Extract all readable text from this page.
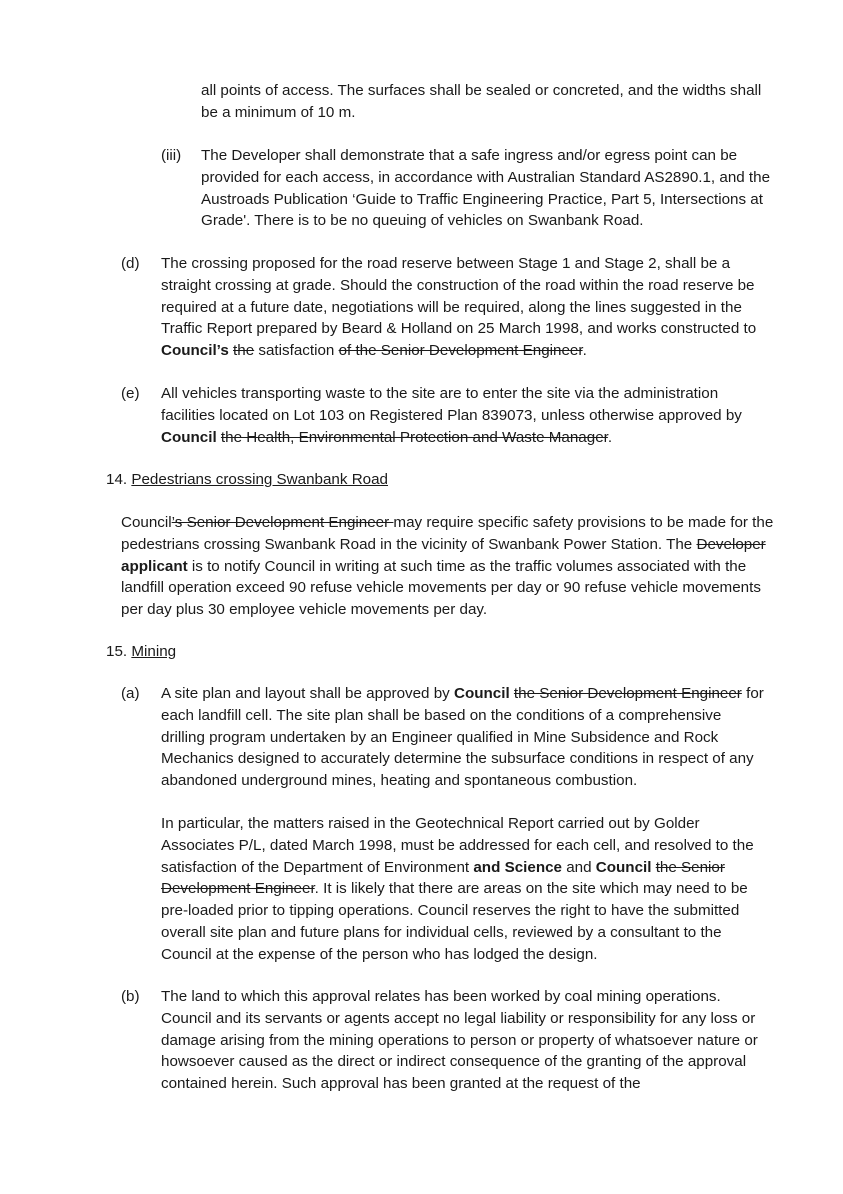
all points of access. The surfaces shall be sealed or concreted, and the widths shall be a minimum of 10 m.

(iii) The Developer shall demonstrate that a safe ingress and/or egress point can be provided for each access, in accordance with Australian Standard AS2890.1, and the Austroads Publication ‘Guide to Traffic Engineering Practice, Part 5, Intersections at Grade'. There is to be no queuing of vehicles on Swanbank Road.

(d) The crossing proposed for the road reserve between Stage 1 and Stage 2, shall be a straight crossing at grade. Should the construction of the road within the road reserve be required at a future date, negotiations will be required, along the lines suggested in the Traffic Report prepared by Beard & Holland on 25 March 1998, and works constructed to Council’s the satisfaction of the Senior Development Engineer.

(e) All vehicles transporting waste to the site are to enter the site via the administration facilities located on Lot 103 on Registered Plan 839073, unless otherwise approved by Council the Health, Environmental Protection and Waste Manager.

14. Pedestrians crossing Swanbank Road

Council’s Senior Development Engineer may require specific safety provisions to be made for the pedestrians crossing Swanbank Road in the vicinity of Swanbank Power Station. The Developer applicant is to notify Council in writing at such time as the traffic volumes associated with the landfill operation exceed 90 refuse vehicle movements per day or 90 refuse vehicle movements per day plus 30 employee vehicle movements per day.

15. Mining

(a) A site plan and layout shall be approved by Council the Senior Development Engineer for each landfill cell. The site plan shall be based on the conditions of a comprehensive drilling program undertaken by an Engineer qualified in Mine Subsidence and Rock Mechanics designed to accurately determine the subsurface conditions in respect of any abandoned underground mines, heating and spontaneous combustion.

In particular, the matters raised in the Geotechnical Report carried out by Golder Associates P/L, dated March 1998, must be addressed for each cell, and resolved to the satisfaction of the Department of Environment and Science and Council the Senior Development Engineer. It is likely that there are areas on the site which may need to be pre-loaded prior to tipping operations. Council reserves the right to have the submitted overall site plan and future plans for individual cells, reviewed by a consultant to the Council at the expense of the person who has lodged the design.

(b) The land to which this approval relates has been worked by coal mining operations. Council and its servants or agents accept no legal liability or responsibility for any loss or damage arising from the mining operations to person or property of whatsoever nature or howsoever caused as the direct or indirect consequence of the granting of the approval contained herein. Such approval has been granted at the request of the
